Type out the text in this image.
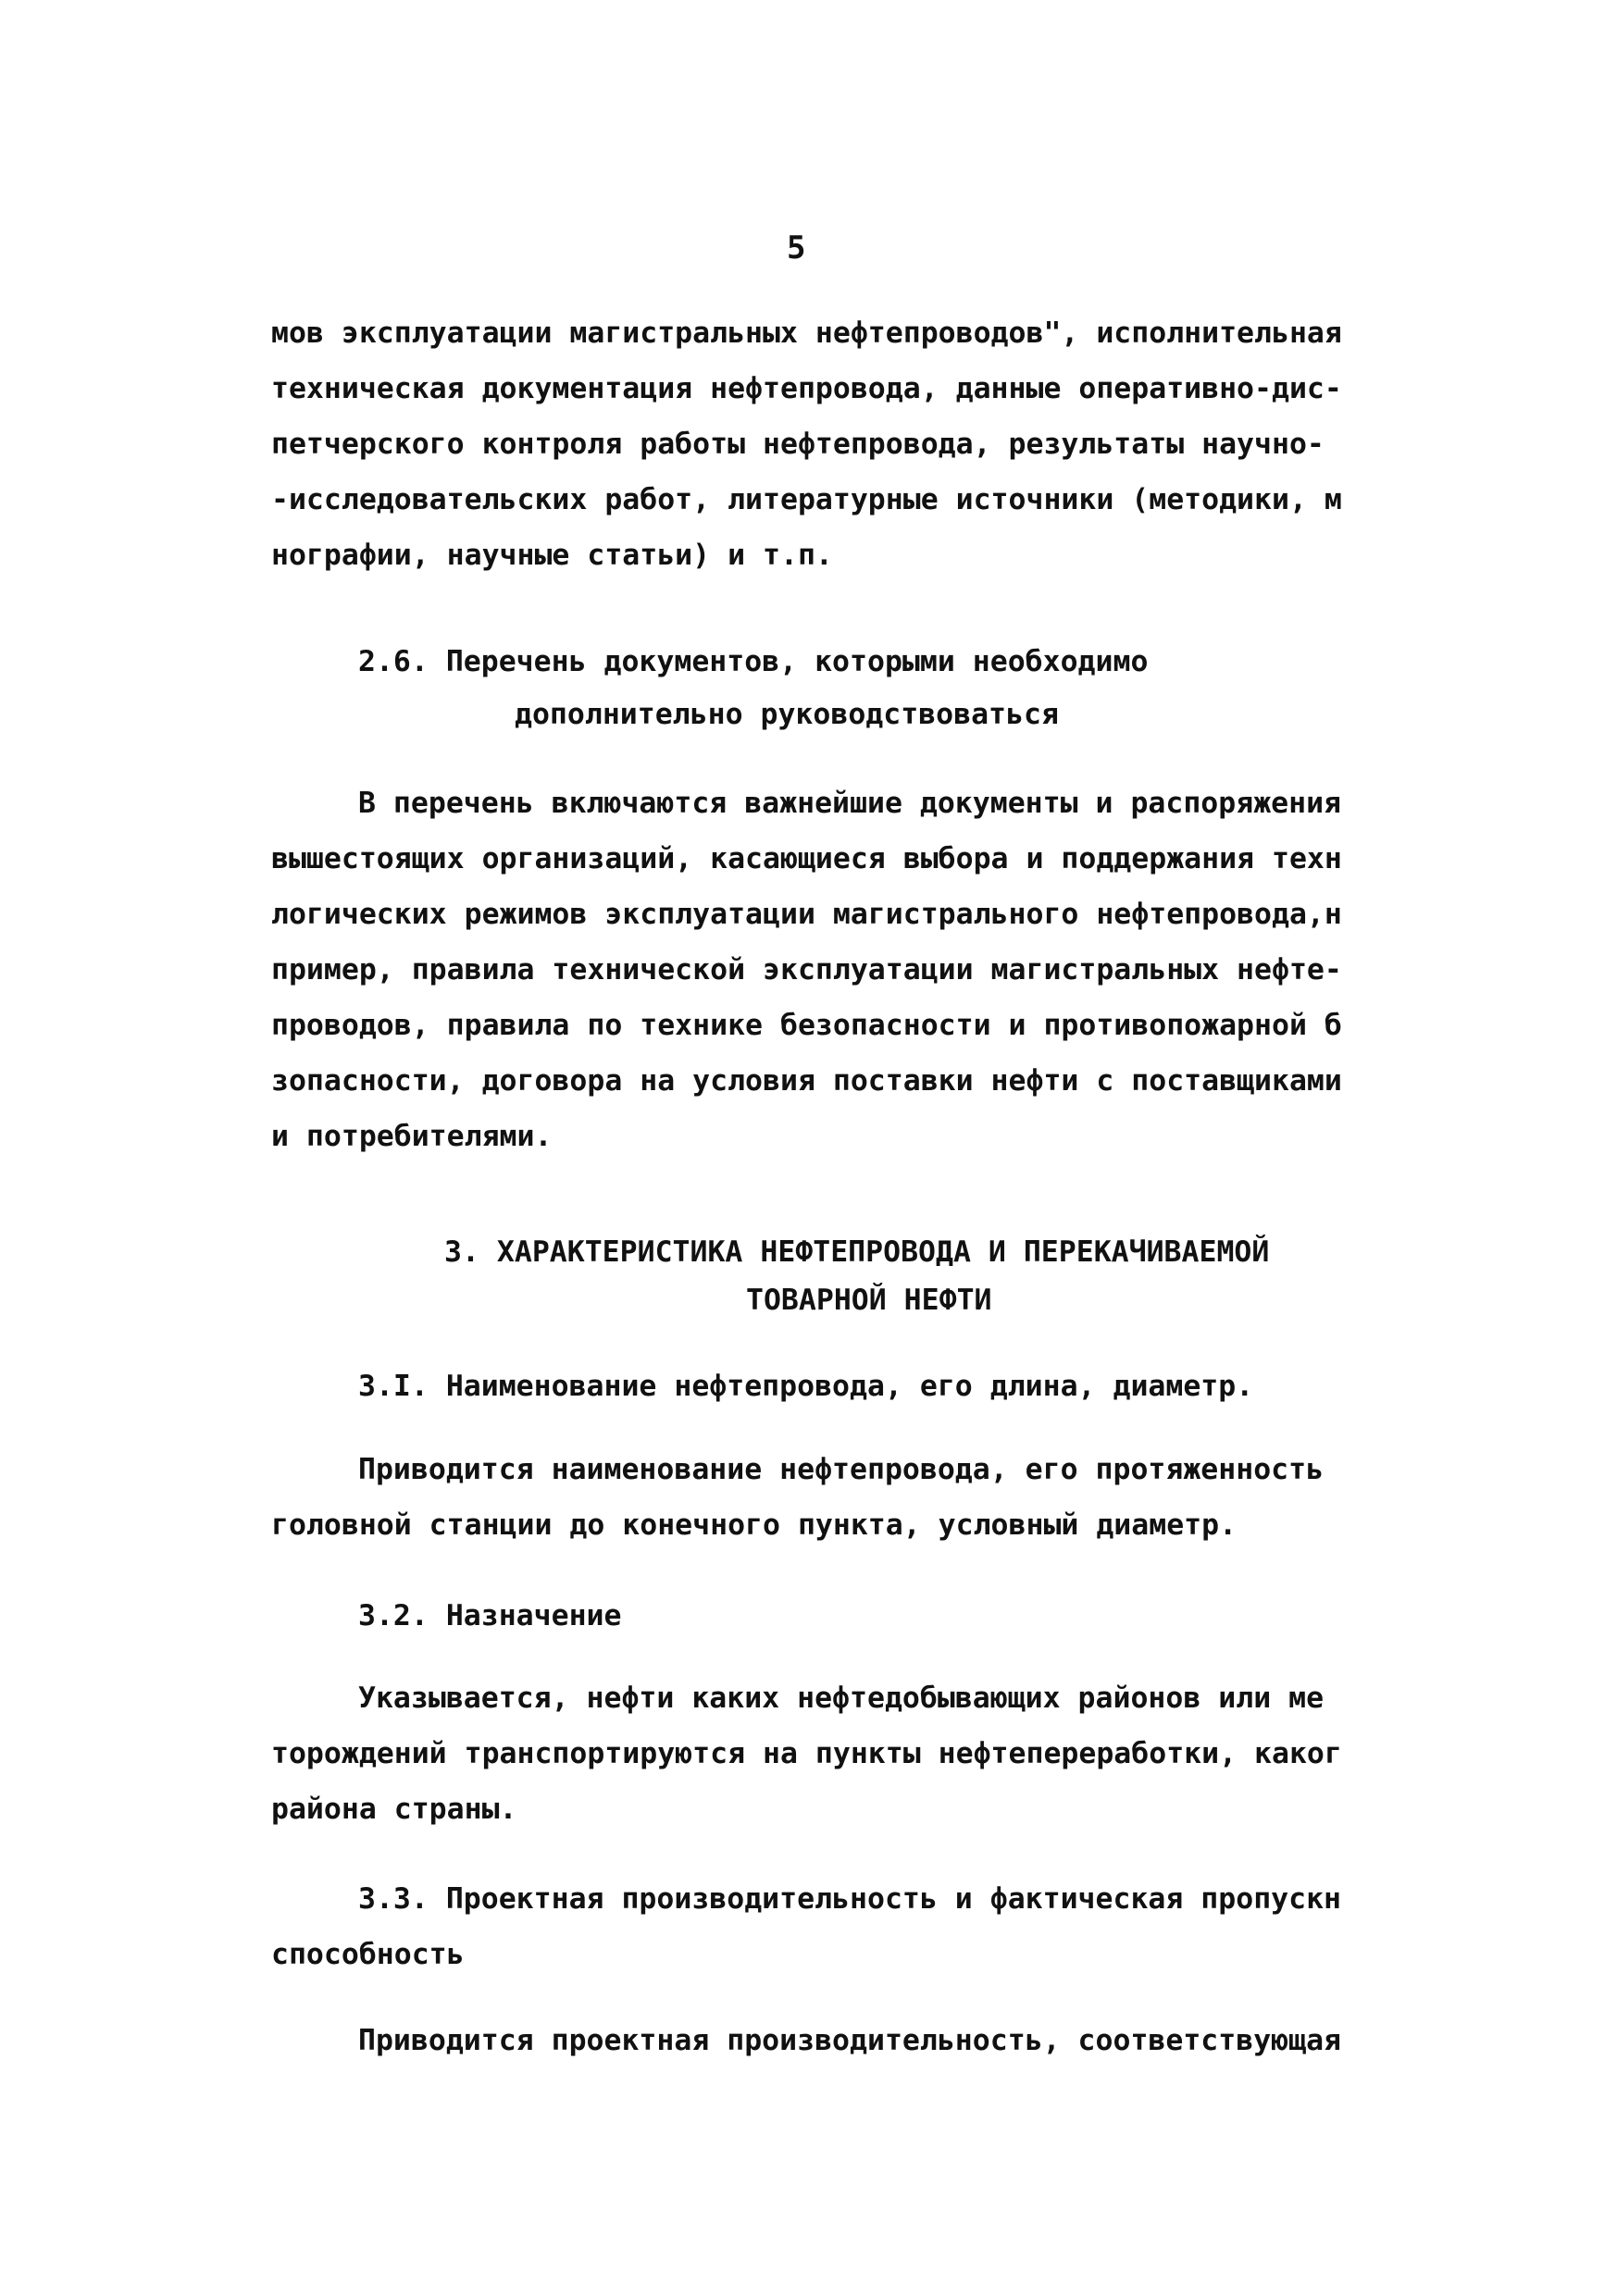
5
мов эксплуатации магистральных нефтепроводов", исполнительная
техническая документация нефтепровода, данные оперативно-дис-
петчерского контроля работы нефтепровода, результаты научно-
-исследовательских работ, литературные источники (методики, м
нографии, научные статьи) и т.п.
2.6. Перечень документов, которыми необходимо
дополнительно руководствоваться
В перечень включаются важнейшие документы и распоряжения
вышестоящих организаций, касающиеся выбора и поддержания техн
логических режимов эксплуатации магистрального нефтепровода,н
пример, правила технической эксплуатации магистральных нефте-
проводов, правила по технике безопасности и противопожарной б
зопасности, договора на условия поставки нефти с поставщиками
и потребителями.
3. ХАРАКТЕРИСТИКА НЕФТЕПРОВОДА И ПЕРЕКАЧИВАЕМОЙ
ТОВАРНОЙ НЕФТИ
3.I. Наименование нефтепровода, его длина, диаметр.
Приводится наименование нефтепровода, его протяженность
головной станции до конечного пункта, условный диаметр.
3.2. Назначение
Указывается, нефти каких нефтедобывающих районов или ме
торождений транспортируются на пункты нефтепереработки, каког
района страны.
3.3. Проектная производительность и фактическая пропускн
способность
Приводится проектная производительность, соответствующая
